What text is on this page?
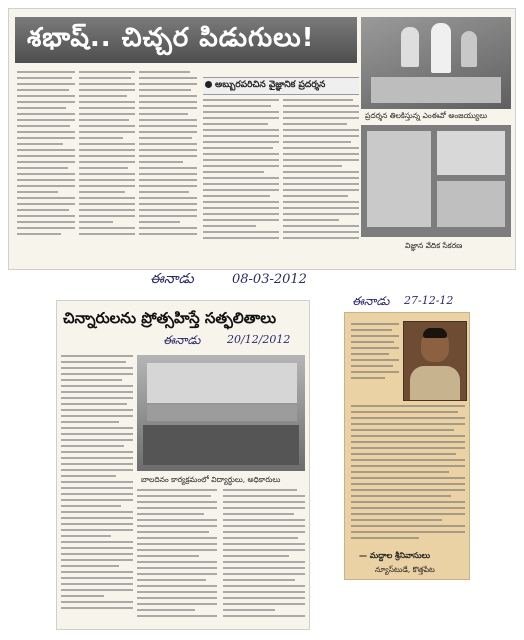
శభాష్.. చిచ్చర పిడుగులు!
అబ్బురపరిచిన వైజ్ఞానిక ప్రదర్శన
ప్రదర్శన తిలకిస్తున్న ఎంఈవో అంజయ్యులు
విజ్ఞాన వేదిక సేకరణ
ఈనాడు	08-03-2012
చిన్నారులను ప్రోత్సహిస్తే సత్ఫలితాలు
ఈనాడు 20/12/2012
బాలదినం కార్యక్రమంలో విద్యార్థులు, అధికారులు
ఈనాడు 27-12-12
— మద్దాల శ్రీనివాసులు
న్యూస్‌టుడే, కొత్తపేట
